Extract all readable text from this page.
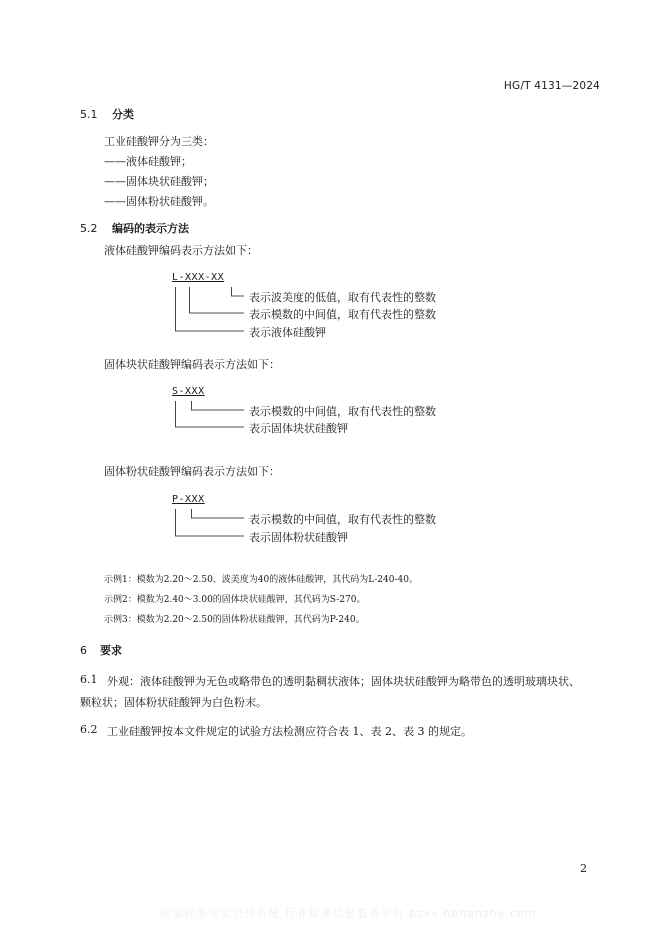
HG/T 4131—2024
5.1 分类
工业硅酸钾分为三类：
——液体硅酸钾；
——固体块状硅酸钾；
——固体粉状硅酸钾。
5.2 编码的表示方法
液体硅酸钾编码表示方法如下：
L-XXX-XX
表示波美度的低值，取有代表性的整数
表示模数的中间值，取有代表性的整数
表示液体硅酸钾
固体块状硅酸钾编码表示方法如下：
S-XXX
表示模数的中间值，取有代表性的整数
表示固体块状硅酸钾
固体粉状硅酸钾编码表示方法如下：
P-XXX
表示模数的中间值，取有代表性的整数
表示固体粉状硅酸钾
示例1：模数为2.20～2.50、波美度为40的液体硅酸钾，其代码为L-240-40。
示例2：模数为2.40～3.00的固体块状硅酸钾，其代码为S-270。
示例3：模数为2.20～2.50的固体粉状硅酸钾，其代码为P-240。
6 要求
6.1 外观：液体硅酸钾为无色或略带色的透明黏稠状液体；固体块状硅酸钾为略带色的透明玻璃块状、
颗粒状；固体粉状硅酸钾为白色粉末。
6.2 工业硅酸钾按本文件规定的试验方法检测应符合表 1、表 2、表 3 的规定。
2
国家标准全文公开系统 行业标准信息服务平台 bzxx.hbhanzhe.com
